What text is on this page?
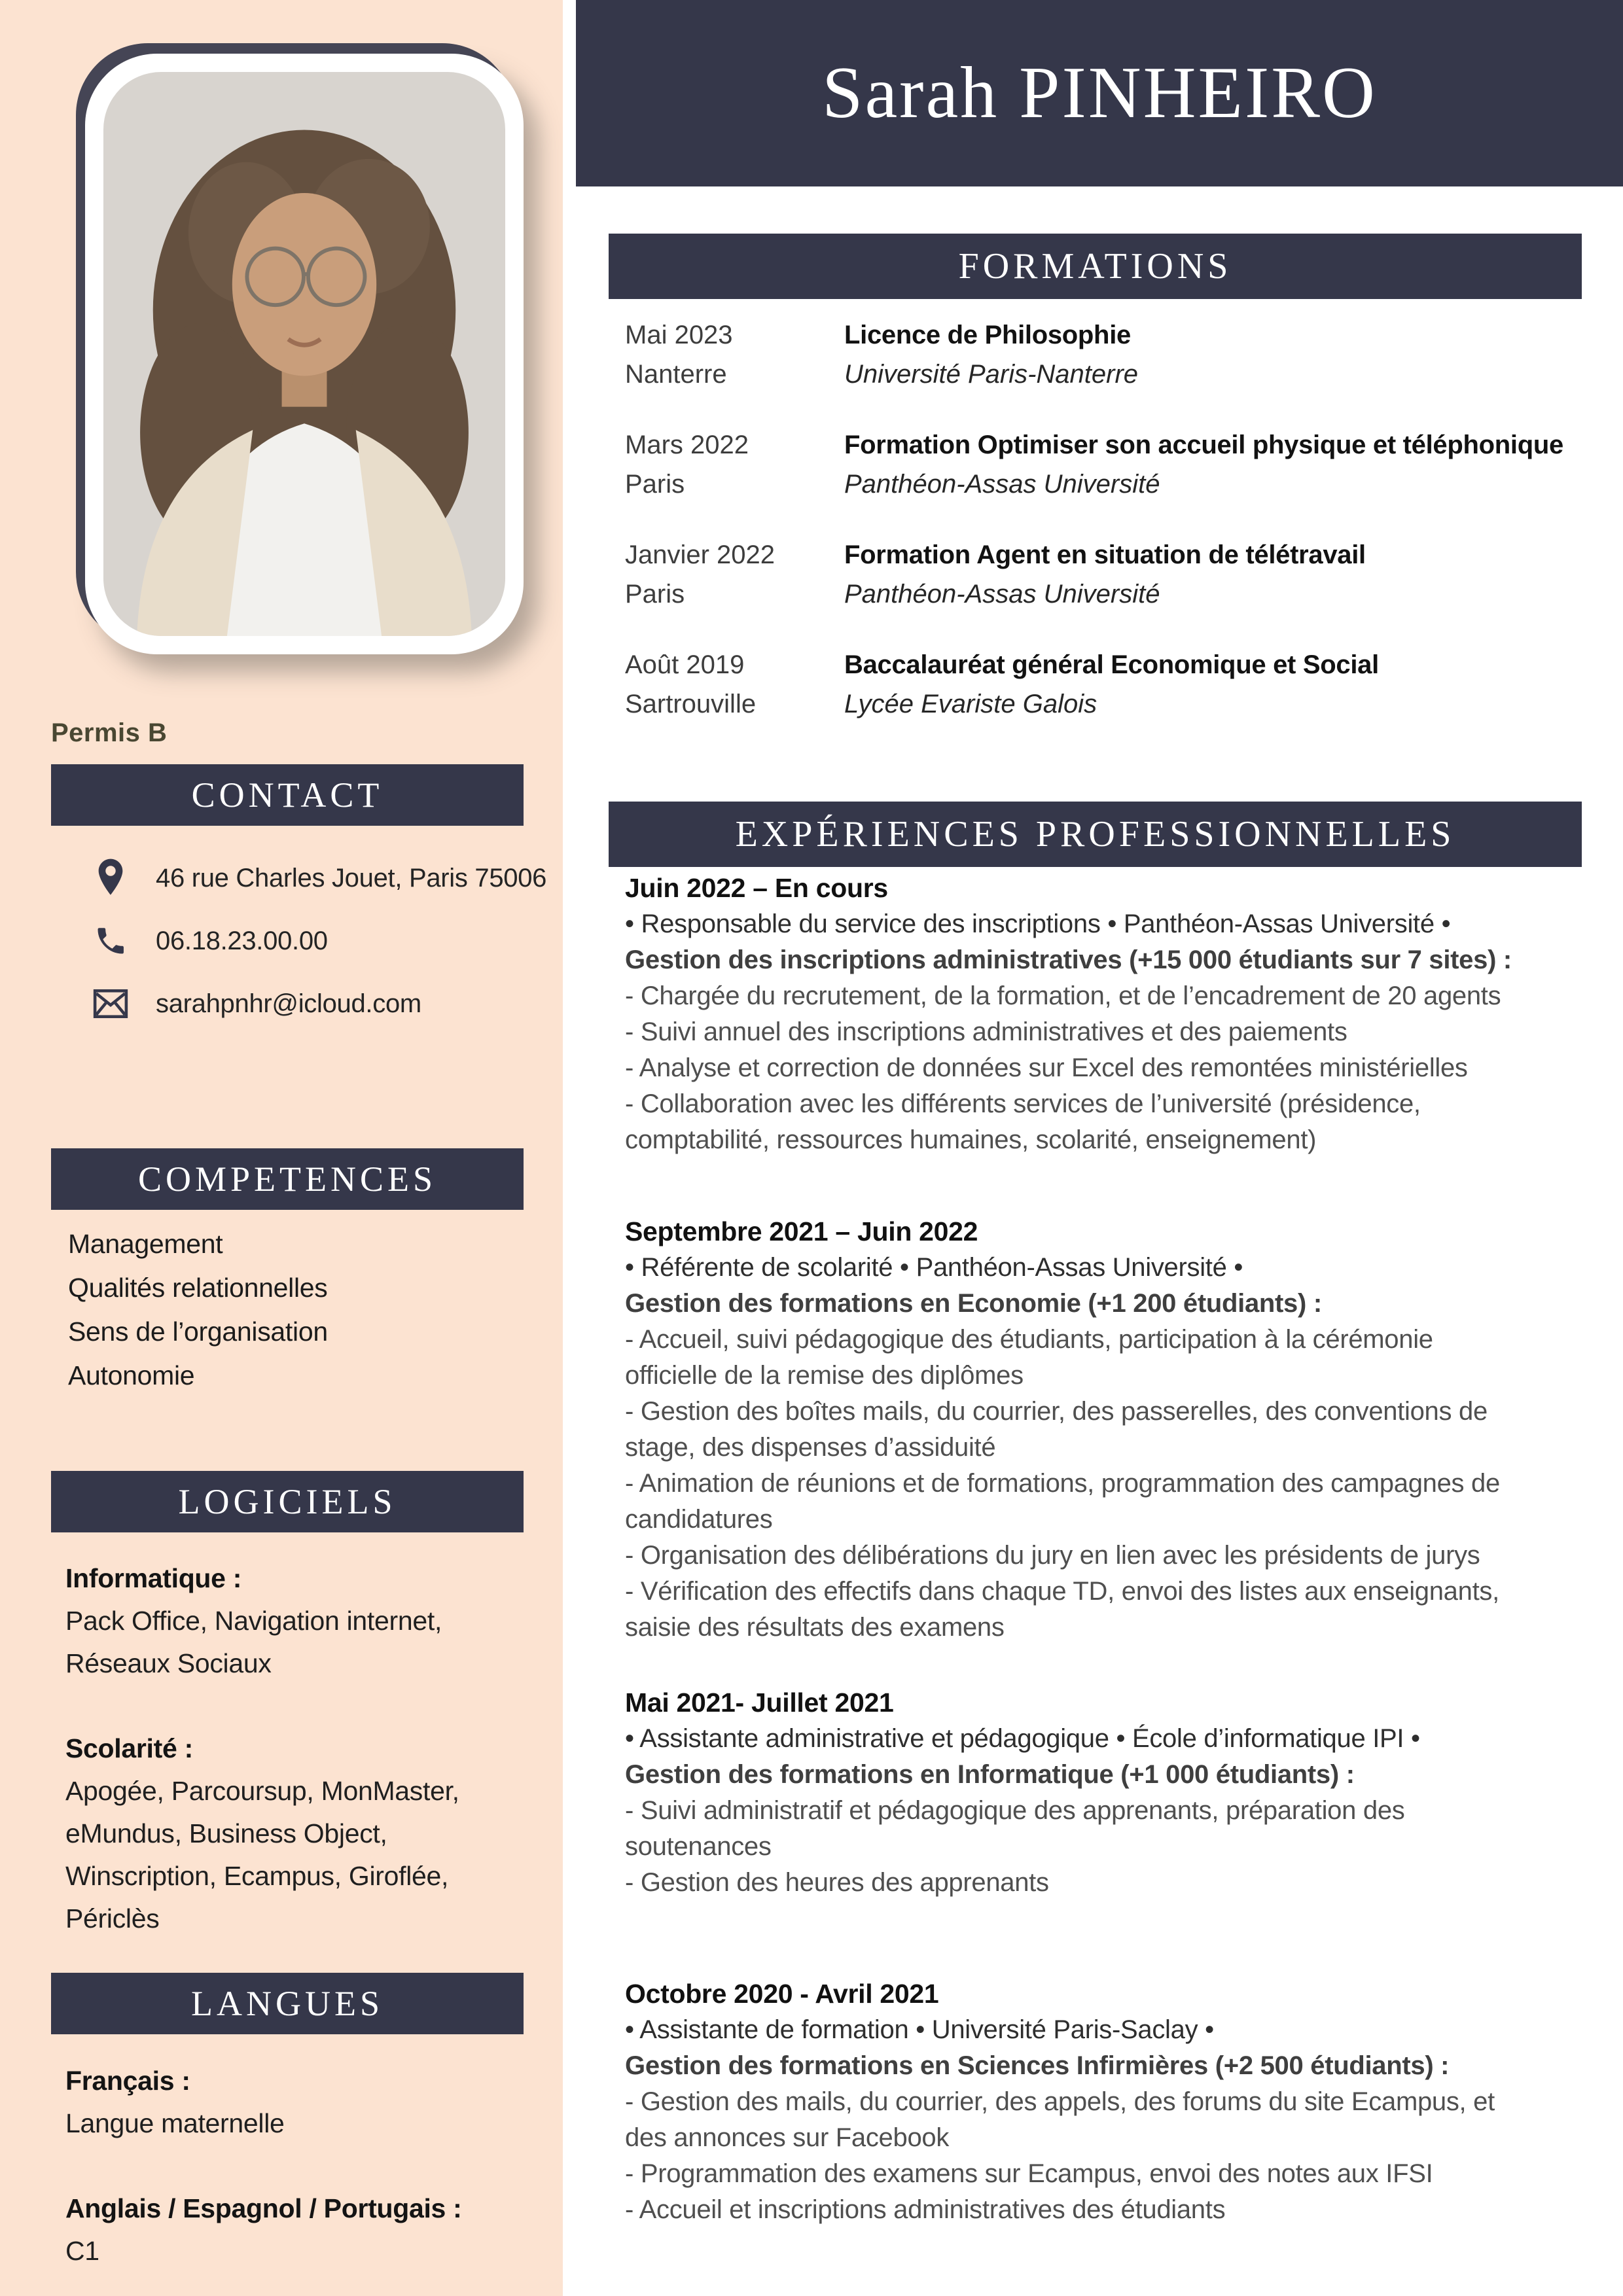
Permis B
CONTACT
46 rue Charles Jouet, Paris 75006
06.18.23.00.00
sarahpnhr@icloud.com
COMPETENCES
Management
Qualités relationnelles
Sens de l’organisation
Autonomie
LOGICIELS
Informatique :
Pack Office, Navigation internet,
Réseaux Sociaux
Scolarité :
Apogée, Parcoursup, MonMaster,
eMundus, Business Object,
Winscription, Ecampus, Giroflée,
Périclès
LANGUES
Français :
Langue maternelle
Anglais / Espagnol / Portugais :
C1
Sarah PINHEIRO
FORMATIONS
Mai 2023
Nanterre
Licence de Philosophie
Université Paris-Nanterre
Mars 2022
Paris
Formation Optimiser son accueil physique et téléphonique
Panthéon-Assas Université
Janvier 2022
Paris
Formation Agent en situation de télétravail
Panthéon-Assas Université
Août 2019
Sartrouville
Baccalauréat général Economique et Social
Lycée Evariste Galois
EXPÉRIENCES PROFESSIONNELLES
Juin 2022 – En cours
• Responsable du service des inscriptions • Panthéon-Assas Université •
Gestion des inscriptions administratives (+15 000 étudiants sur 7 sites) :
- Chargée du recrutement, de la formation, et de l’encadrement de 20 agents
- Suivi annuel des inscriptions administratives et des paiements
- Analyse et correction de données sur Excel des remontées ministérielles
- Collaboration avec les différents services de l’université (présidence,
comptabilité, ressources humaines, scolarité, enseignement)
Septembre 2021 – Juin 2022
• Référente de scolarité • Panthéon-Assas Université •
Gestion des formations en Economie (+1 200 étudiants) :
- Accueil, suivi pédagogique des étudiants, participation à la cérémonie
officielle de la remise des diplômes
- Gestion des boîtes mails, du courrier, des passerelles, des conventions de
stage, des dispenses d’assiduité
- Animation de réunions et de formations, programmation des campagnes de
candidatures
- Organisation des délibérations du jury en lien avec les présidents de jurys
- Vérification des effectifs dans chaque TD, envoi des listes aux enseignants,
saisie des résultats des examens
Mai 2021- Juillet 2021
• Assistante administrative et pédagogique • École d’informatique IPI •
Gestion des formations en Informatique (+1 000 étudiants) :
- Suivi administratif et pédagogique des apprenants, préparation des
soutenances
- Gestion des heures des apprenants
Octobre 2020 - Avril 2021
• Assistante de formation • Université Paris-Saclay •
Gestion des formations en Sciences Infirmières (+2 500 étudiants) :
- Gestion des mails, du courrier, des appels, des forums du site Ecampus, et
des annonces sur Facebook
- Programmation des examens sur Ecampus, envoi des notes aux IFSI
- Accueil et inscriptions administratives des étudiants
